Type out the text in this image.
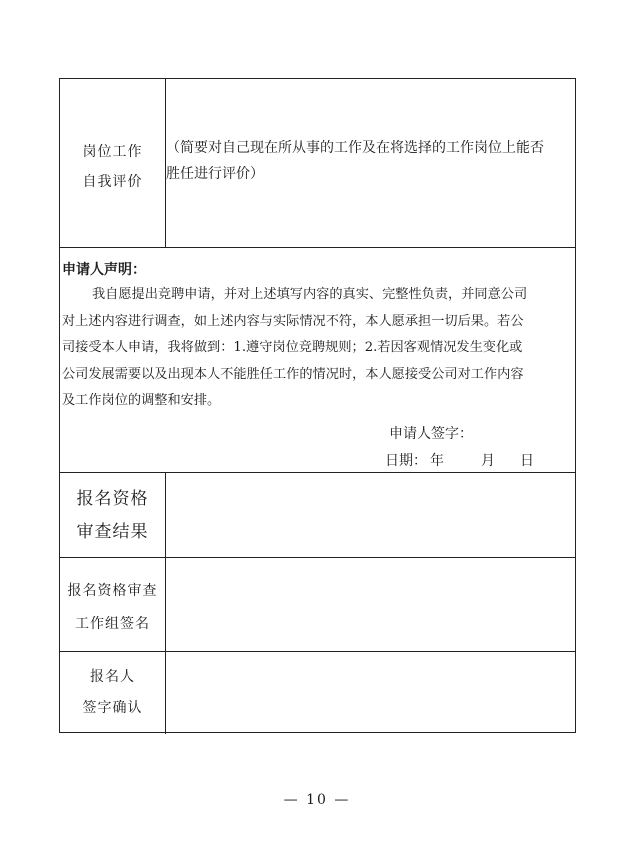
岗位工作
自我评价
（简要对自己现在所从事的工作及在将选择的工作岗位上能否
胜任进行评价）
申请人声明：
我自愿提出竞聘申请，并对上述填写内容的真实、完整性负责，并同意公司
对上述内容进行调查，如上述内容与实际情况不符，本人愿承担一切后果。若公
司接受本人申请，我将做到：1.遵守岗位竞聘规则；2.若因客观情况发生变化或
公司发展需要以及出现本人不能胜任工作的情况时，本人愿接受公司对工作内容
及工作岗位的调整和安排。
申请人签字：
日期： 年	月 日
报名资格
审查结果
报名资格审查
工作组签名
报名人
签字确认
— 10 —
